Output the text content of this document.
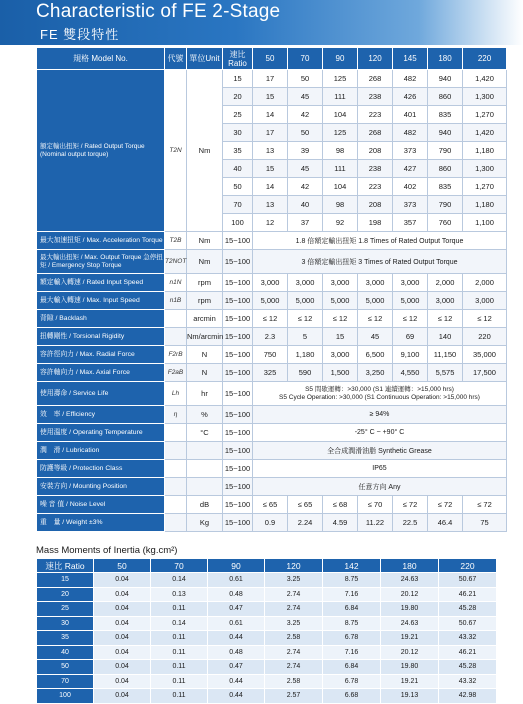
Characteristic of FE 2-Stage
FE 雙段特性
規格 Model No.	代號	單位Unit	速比 Ratio	50	70	90	120	145	180	220
額定輸出扭矩 / Rated Output Torque (Nominal output torque)	T2N	Nm	15	17	50	125	268	482	940	1,420
			20	15	45	111	238	426	860	1,300
			25	14	42	104	223	401	835	1,270
			30	17	50	125	268	482	940	1,420
			35	13	39	98	208	373	790	1,180
			40	15	45	111	238	427	860	1,300
			50	14	42	104	223	402	835	1,270
			70	13	40	98	208	373	790	1,180
			100	12	37	92	198	357	760	1,100
最大加速扭矩 / Max. Acceleration Torque	T2B	Nm	15~100	1.8 倍額定輸出扭矩 1.8 Times of Rated Output Torque						
最大輸出扭矩 / Max. Output Torque 急停扭矩 / Emergency Stop Torque	T2NOT	Nm	15~100	3 倍額定輸出扭矩 3 Times of Rated Output Torque						
額定輸入轉速 / Rated Input Speed	n1N	rpm	15~100	3,000	3,000	3,000	3,000	3,000	2,000	2,000
最大輸入轉速 / Max. Input Speed	n1B	rpm	15~100	5,000	5,000	5,000	5,000	5,000	3,000	3,000
背隙 / Backlash		arcmin	15~100	≤ 12	≤ 12	≤ 12	≤ 12	≤ 12	≤ 12	≤ 12
扭轉剛性 / Torsional Rigidity		Nm/arcmin	15~100	2.3	5	15	45	69	140	220
容許徑向力 / Max. Radial Force	F2rB	N	15~100	750	1,180	3,000	6,500	9,100	11,150	35,000
容許軸向力 / Max. Axial Force	F2aB	N	15~100	325	590	1,500	3,250	4,550	5,575	17,500
使用壽命 / Service Life	Lh	hr	15~100	S5 間歇運轉：>30,000 (S1 連續運轉：>15,000 hrs)
S5 Cycle Operation: >30,000 (S1 Continuous Operation: >15,000 hrs)						

效　率 / Efficiency	η	%	15~100	≥ 94%						
使用溫度 / Operating Temperature		°C	15~100	-25° C ~ +90° C						
潤　滑 / Lubrication			15~100	全合成潤滑油脂 Synthetic Grease						
防護等級 / Protection Class			15~100	IP65						
安裝方向 / Mounting Position			15~100	任意方向 Any						
噪 音 值 / Noise Level		dB	15~100	≤ 65	≤ 65	≤ 68	≤ 70	≤ 72	≤ 72	≤ 72
重　量 / Weight ±3%		Kg	15~100	0.9	2.24	4.59	11.22	22.5	46.4	75
Mass Moments of Inertia (kg.cm²)
速比 Ratio	50	70	90	120	142	180	220
15	0.04	0.14	0.61	3.25	8.75	24.63	50.67
20	0.04	0.13	0.48	2.74	7.16	20.12	46.21
25	0.04	0.11	0.47	2.74	6.84	19.80	45.28
30	0.04	0.14	0.61	3.25	8.75	24.63	50.67
35	0.04	0.11	0.44	2.58	6.78	19.21	43.32
40	0.04	0.11	0.48	2.74	7.16	20.12	46.21
50	0.04	0.11	0.47	2.74	6.84	19.80	45.28
70	0.04	0.11	0.44	2.58	6.78	19.21	43.32
100	0.04	0.11	0.44	2.57	6.68	19.13	42.98
